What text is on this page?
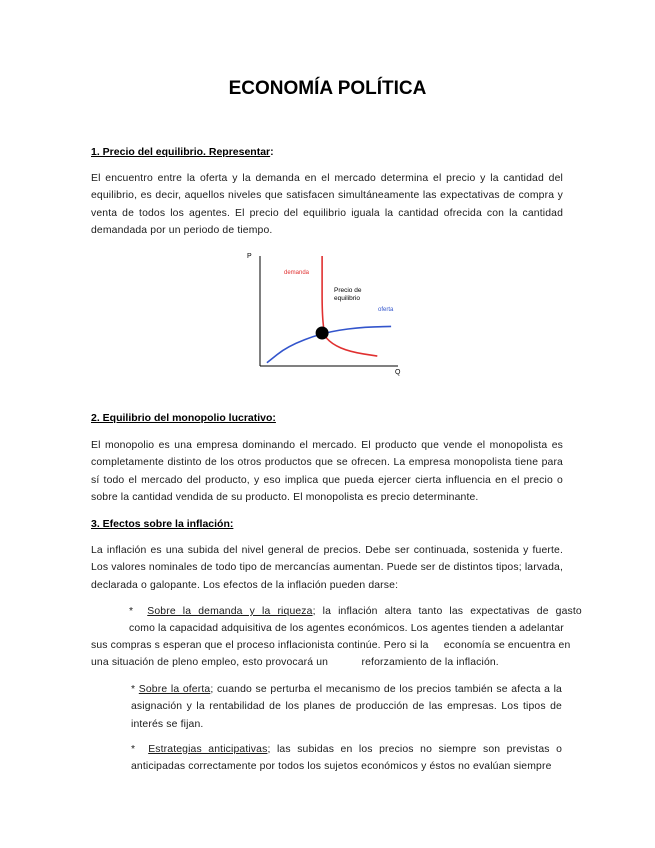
ECONOMÍA POLÍTICA
1. Precio del equilibrio. Representar:

El encuentro entre la oferta y la demanda en el mercado determina el precio y la cantidad del equilibrio, es decir, aquellos niveles que satisfacen simultáneamente las expectativas de compra y venta de todos los agentes. El precio del equilibrio iguala la cantidad ofrecida con la cantidad demandada por un periodo de tiempo.

P
Q
demanda
oferta
Precio de
equilibrio
2. Equilibrio del monopolio lucrativo:

El monopolio es una empresa dominando el mercado. El producto que vende el monopolista es completamente distinto de los otros productos que se ofrecen. La empresa monopolista tiene para sí todo el mercado del producto, y eso implica que pueda ejercer cierta influencia en el precio o sobre la cantidad vendida de su producto. El monopolista es precio determinante.

3. Efectos sobre la inflación:

La inflación es una subida del nivel general de precios. Debe ser continuada, sostenida y fuerte. Los valores nominales de todo tipo de mercancías aumentan. Puede ser de distintos tipos; larvada, declarada o galopante. Los efectos de la inflación pueden darse:

* Sobre la demanda y la riqueza; la inflación altera tanto las expectativas de gasto

como la capacidad adquisitiva de los agentes económicos. Los agentes tienden a adelantar

sus compras s esperan que el proceso inflacionista continúe. Pero si la     economía se encuentra en

una situación de pleno empleo, esto provocará un           reforzamiento de la inflación.

* Sobre la oferta; cuando se perturba el mecanismo de los precios también se afecta a la asignación y la rentabilidad de los planes de producción de las empresas. Los tipos de interés se fijan.

* Estrategias anticipativas; las subidas en los precios no siempre son previstas o anticipadas correctamente por todos los sujetos económicos y éstos no evalúan siempre
